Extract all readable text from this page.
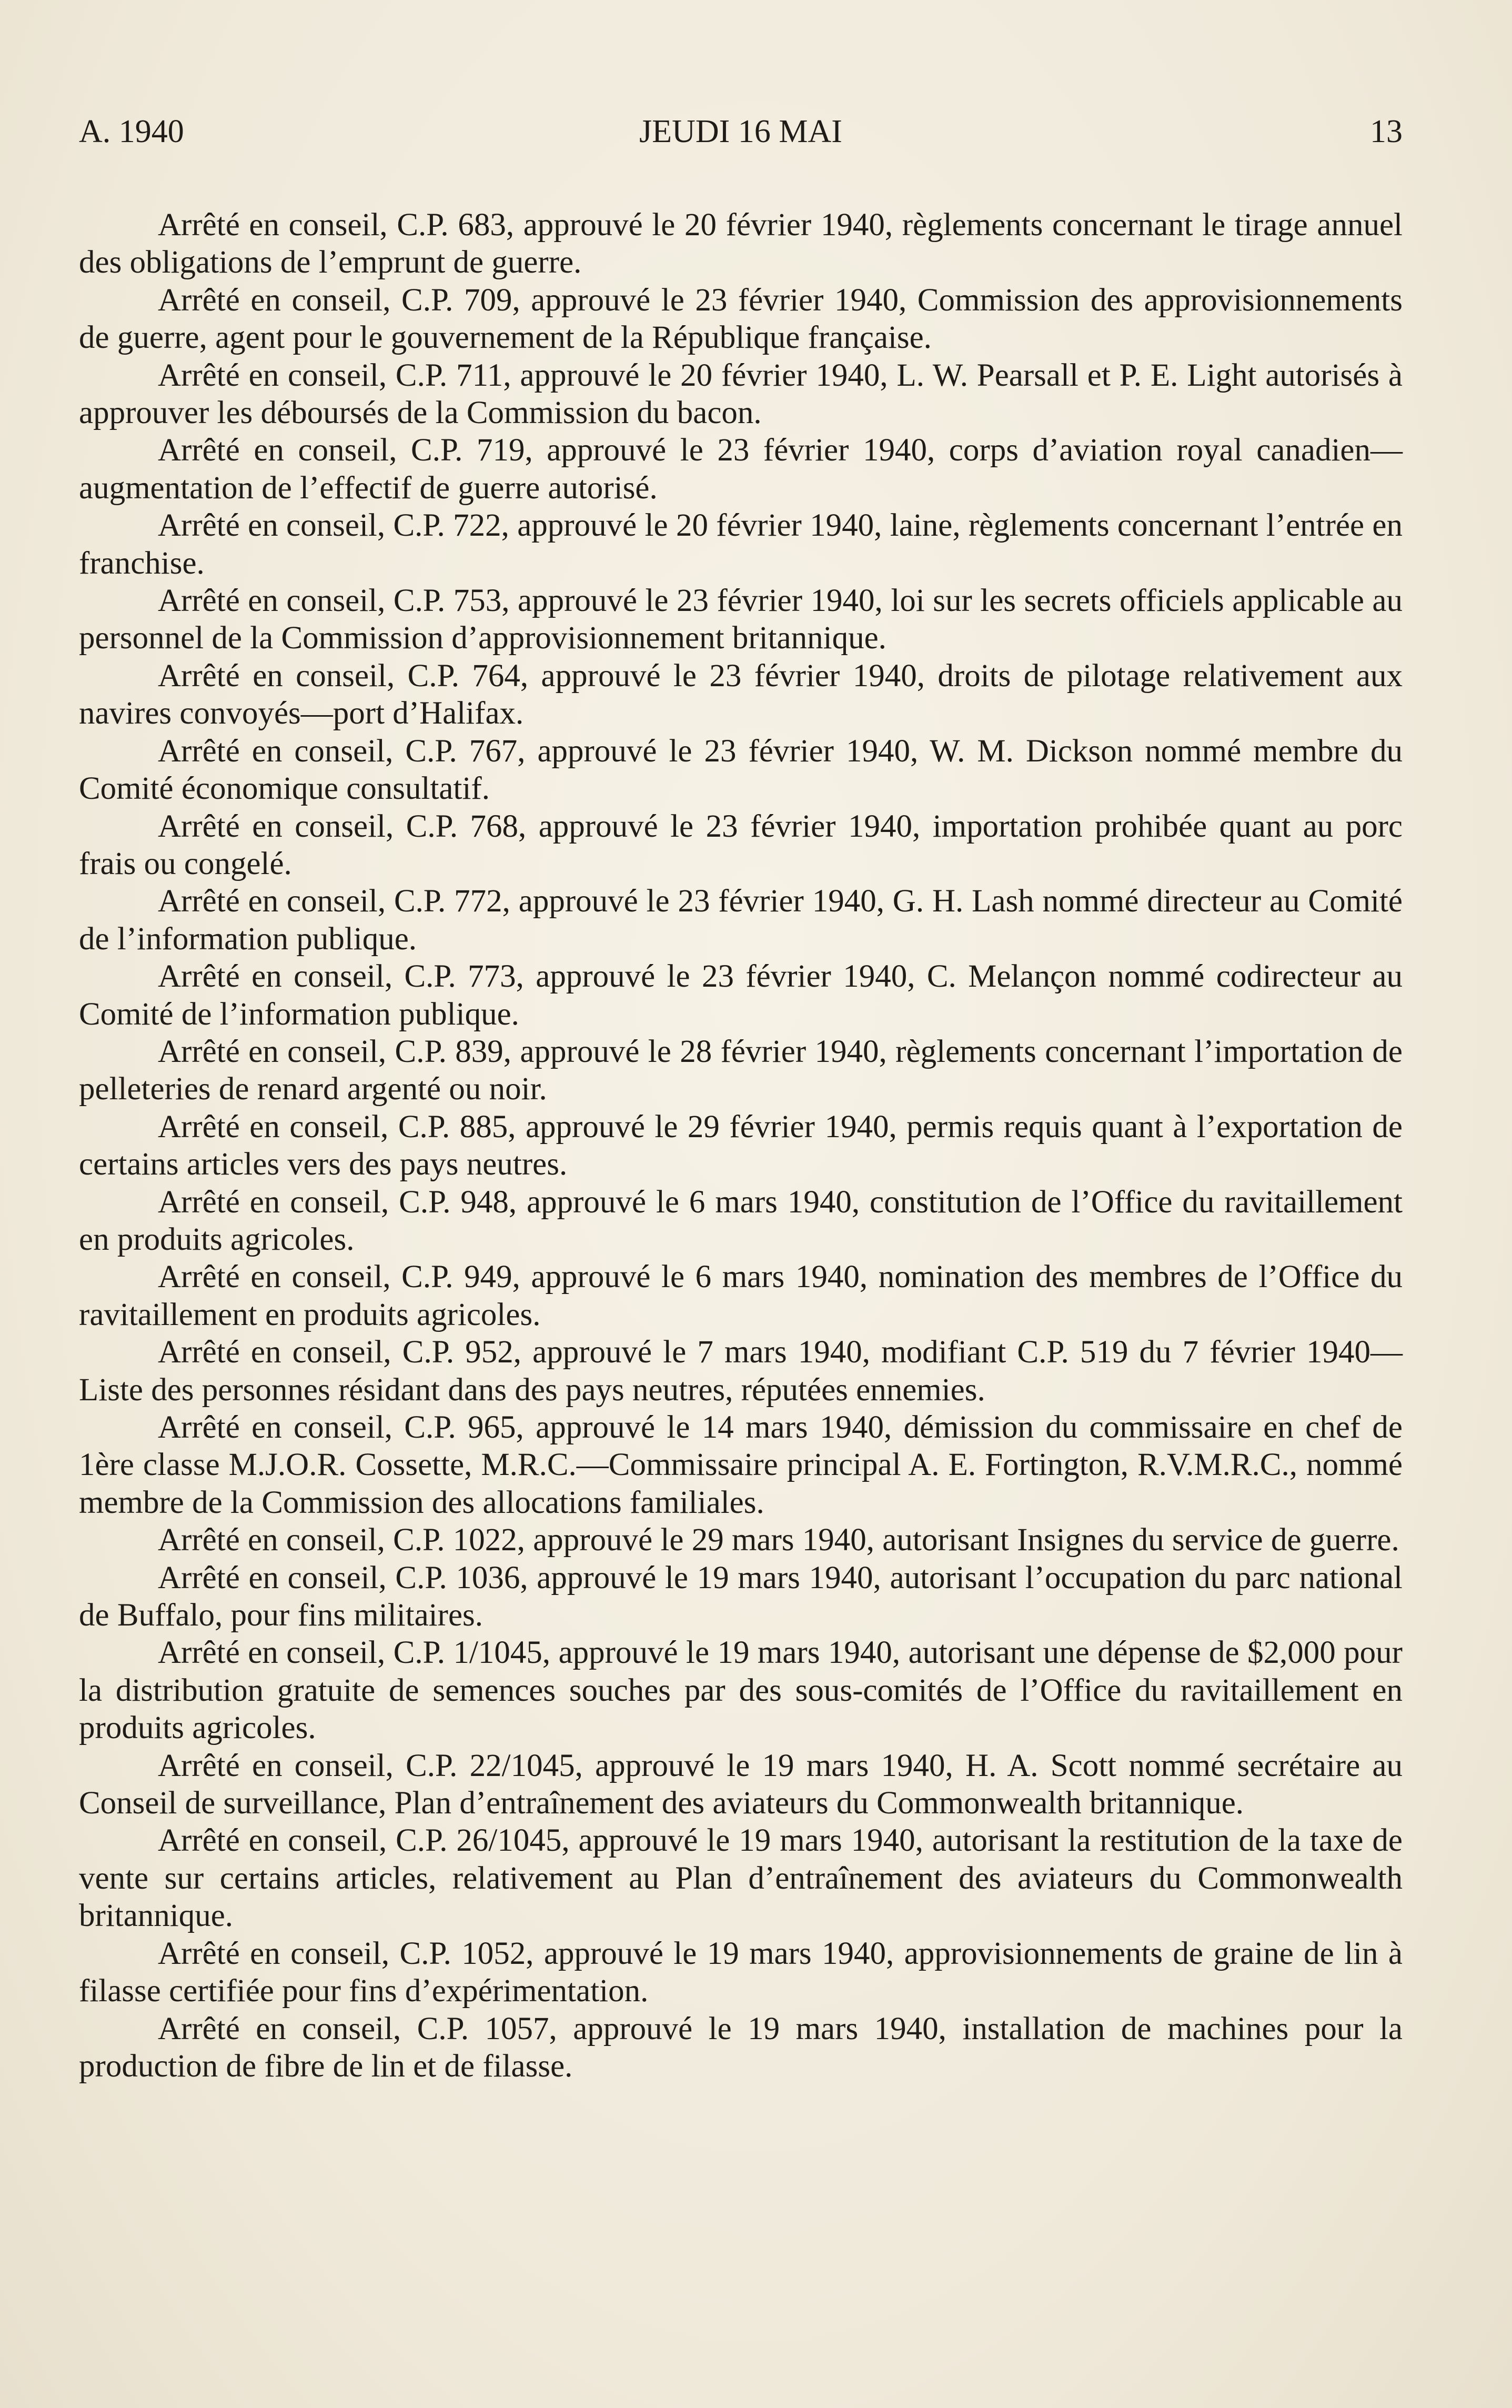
A. 1940	JEUDI 16 MAI	13

Arrêté en conseil, C.P. 683, approuvé le 20 février 1940, règlements concernant le tirage annuel des obligations de l’emprunt de guerre.

Arrêté en conseil, C.P. 709, approuvé le 23 février 1940, Commission des approvisionnements de guerre, agent pour le gouvernement de la République française.

Arrêté en conseil, C.P. 711, approuvé le 20 février 1940, L. W. Pearsall et P. E. Light autorisés à approuver les déboursés de la Commission du bacon.

Arrêté en conseil, C.P. 719, approuvé le 23 février 1940, corps d’aviation royal canadien—augmentation de l’effectif de guerre autorisé.

Arrêté en conseil, C.P. 722, approuvé le 20 février 1940, laine, règlements concernant l’entrée en franchise.

Arrêté en conseil, C.P. 753, approuvé le 23 février 1940, loi sur les secrets officiels applicable au personnel de la Commission d’approvisionnement britannique.

Arrêté en conseil, C.P. 764, approuvé le 23 février 1940, droits de pilotage relativement aux navires convoyés—port d’Halifax.

Arrêté en conseil, C.P. 767, approuvé le 23 février 1940, W. M. Dickson nommé membre du Comité économique consultatif.

Arrêté en conseil, C.P. 768, approuvé le 23 février 1940, importation prohibée quant au porc frais ou congelé.

Arrêté en conseil, C.P. 772, approuvé le 23 février 1940, G. H. Lash nommé directeur au Comité de l’information publique.

Arrêté en conseil, C.P. 773, approuvé le 23 février 1940, C. Melançon nommé codirecteur au Comité de l’information publique.

Arrêté en conseil, C.P. 839, approuvé le 28 février 1940, règlements concernant l’importation de pelleteries de renard argenté ou noir.

Arrêté en conseil, C.P. 885, approuvé le 29 février 1940, permis requis quant à l’exportation de certains articles vers des pays neutres.

Arrêté en conseil, C.P. 948, approuvé le 6 mars 1940, constitution de l’Office du ravitaillement en produits agricoles.

Arrêté en conseil, C.P. 949, approuvé le 6 mars 1940, nomination des membres de l’Office du ravitaillement en produits agricoles.

Arrêté en conseil, C.P. 952, approuvé le 7 mars 1940, modifiant C.P. 519 du 7 février 1940—Liste des personnes résidant dans des pays neutres, réputées ennemies.

Arrêté en conseil, C.P. 965, approuvé le 14 mars 1940, démission du commissaire en chef de 1ère classe M.J.O.R. Cossette, M.R.C.—Commissaire principal A. E. Fortington, R.V.M.R.C., nommé membre de la Commission des allocations familiales.

Arrêté en conseil, C.P. 1022, approuvé le 29 mars 1940, autorisant Insignes du service de guerre.

Arrêté en conseil, C.P. 1036, approuvé le 19 mars 1940, autorisant l’occupation du parc national de Buffalo, pour fins militaires.

Arrêté en conseil, C.P. 1/1045, approuvé le 19 mars 1940, autorisant une dépense de $2,000 pour la distribution gratuite de semences souches par des sous-comités de l’Office du ravitaillement en produits agricoles.

Arrêté en conseil, C.P. 22/1045, approuvé le 19 mars 1940, H. A. Scott nommé secrétaire au Conseil de surveillance, Plan d’entraînement des aviateurs du Commonwealth britannique.

Arrêté en conseil, C.P. 26/1045, approuvé le 19 mars 1940, autorisant la restitution de la taxe de vente sur certains articles, relativement au Plan d’entraînement des aviateurs du Commonwealth britannique.

Arrêté en conseil, C.P. 1052, approuvé le 19 mars 1940, approvisionnements de graine de lin à filasse certifiée pour fins d’expérimentation.

Arrêté en conseil, C.P. 1057, approuvé le 19 mars 1940, installation de machines pour la production de fibre de lin et de filasse.
